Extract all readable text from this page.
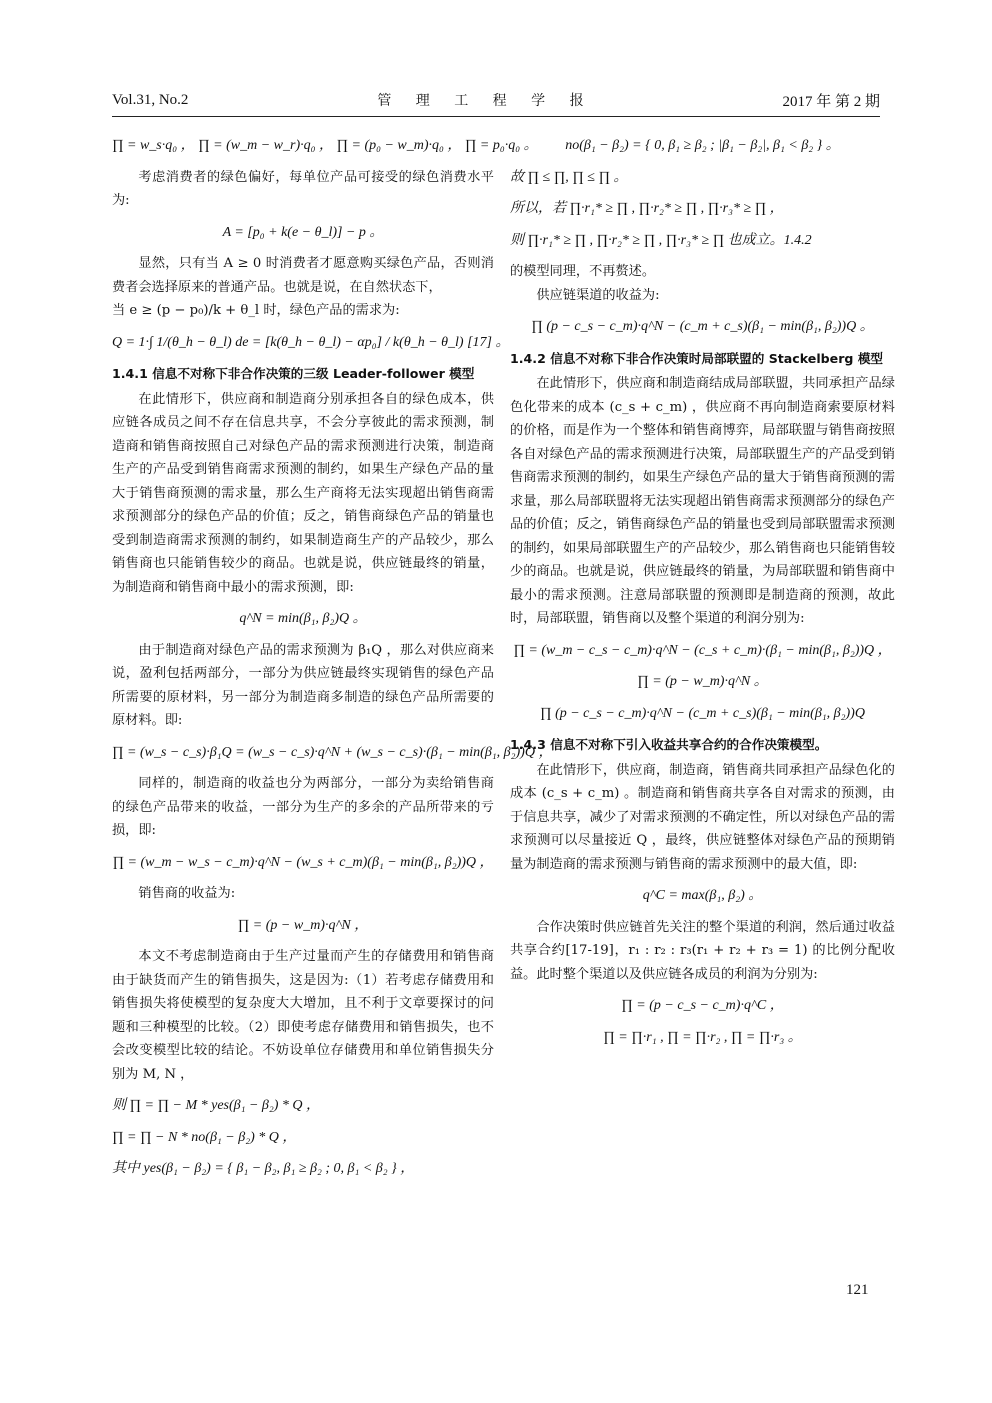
Vol.31, No.2	管 理 工 程 学 报	2017 年 第 2 期
∏ = w_s·q₀ ， ∏ = (w_m − w_r)·q₀ ， ∏ = (p₀ − w_m)·q₀ ， ∏ = p₀·q₀ 。

考虑消费者的绿色偏好，每单位产品可接受的绿色消费水平为:

A = [p₀ + k(e − θ_l)] − p 。

显然，只有当 A ≥ 0 时消费者才愿意购买绿色产品，否则消费者会选择原来的普通产品。也就是说，在自然状态下，

当 e ≥ (p − p₀)/k + θ_l 时，绿色产品的需求为:

Q = 1·∫ 1/(θ_h − θ_l) de = [k(θ_h − θ_l) − αp₀] / k(θ_h − θ_l) [17] 。
1.4.1 信息不对称下非合作决策的三级 Leader-follower 模型

在此情形下，供应商和制造商分别承担各自的绿色成本，供应链各成员之间不存在信息共享，不会分享彼此的需求预测，制造商和销售商按照自己对绿色产品的需求预测进行决策，制造商生产的产品受到销售商需求预测的制约，如果生产绿色产品的量大于销售商预测的需求量，那么生产商将无法实现超出销售商需求预测部分的绿色产品的价值；反之，销售商绿色产品的销量也受到制造商需求预测的制约，如果制造商生产的产品较少，那么销售商也只能销售较少的商品。也就是说，供应链最终的销量，为制造商和销售商中最小的需求预测，即:

q^N = min(β₁, β₂)Q 。

由于制造商对绿色产品的需求预测为 β₁Q ，那么对供应商来说，盈利包括两部分，一部分为供应链最终实现销售的绿色产品所需要的原材料，另一部分为制造商多制造的绿色产品所需要的原材料。即:

∏ = (w_s − c_s)·β₁Q = (w_s − c_s)·q^N + (w_s − c_s)·(β₁ − min(β₁, β₂))Q ，

同样的，制造商的收益也分为两部分，一部分为卖给销售商的绿色产品带来的收益，一部分为生产的多余的产品所带来的亏损，即:

∏ = (w_m − w_s − c_m)·q^N − (w_s + c_m)(β₁ − min(β₁, β₂))Q ，

销售商的收益为:

∏ = (p − w_m)·q^N ，

本文不考虑制造商由于生产过量而产生的存储费用和销售商由于缺货而产生的销售损失，这是因为:（1）若考虑存储费用和销售损失将使模型的复杂度大大增加，且不利于文章要探讨的问题和三种模型的比较。（2）即使考虑存储费用和销售损失，也不会改变模型比较的结论。不妨设单位存储费用和单位销售损失分别为 M, N ，

则 ∏ = ∏ − M * yes(β₁ − β₂) * Q ，
∏ = ∏ − N * no(β₁ − β₂) * Q ，
其中 yes(β₁ − β₂) = { β₁ − β₂, β₁ ≥ β₂ ; 0, β₁ < β₂ } ，
no(β₁ − β₂) = { 0, β₁ ≥ β₂ ; |β₁ − β₂|, β₁ < β₂ } 。
故 ∏ ≤ ∏, ∏ ≤ ∏ 。
所以，若 ∏·r₁* ≥ ∏ , ∏·r₂* ≥ ∏ , ∏·r₃* ≥ ∏ ，
则 ∏·r₁* ≥ ∏ , ∏·r₂* ≥ ∏ , ∏·r₃* ≥ ∏ 也成立。1.4.2

的模型同理，不再赘述。

供应链渠道的收益为:

∏ (p − c_s − c_m)·q^N − (c_m + c_s)(β₁ − min(β₁, β₂))Q 。
1.4.2 信息不对称下非合作决策时局部联盟的 Stackelberg 模型

在此情形下，供应商和制造商结成局部联盟，共同承担产品绿色化带来的成本 (c_s + c_m) ，供应商不再向制造商索要原材料的价格，而是作为一个整体和销售商博弈，局部联盟与销售商按照各自对绿色产品的需求预测进行决策，局部联盟生产的产品受到销售商需求预测的制约，如果生产绿色产品的量大于销售商预测的需求量，那么局部联盟将无法实现超出销售商需求预测部分的绿色产品的价值；反之，销售商绿色产品的销量也受到局部联盟需求预测的制约，如果局部联盟生产的产品较少，那么销售商也只能销售较少的商品。也就是说，供应链最终的销量，为局部联盟和销售商中最小的需求预测。注意局部联盟的预测即是制造商的预测，故此时，局部联盟，销售商以及整个渠道的利润分别为:

∏ = (w_m − c_s − c_m)·q^N − (c_s + c_m)·(β₁ − min(β₁, β₂))Q ，
∏ = (p − w_m)·q^N 。
∏ (p − c_s − c_m)·q^N − (c_m + c_s)(β₁ − min(β₁, β₂))Q
1.4.3 信息不对称下引入收益共享合约的合作决策模型。

在此情形下，供应商，制造商，销售商共同承担产品绿色化的成本 (c_s + c_m) 。制造商和销售商共享各自对需求的预测，由于信息共享，减少了对需求预测的不确定性，所以对绿色产品的需求预测可以尽量接近 Q ，最终，供应链整体对绿色产品的预期销量为制造商的需求预测与销售商的需求预测中的最大值，即:

q^C = max(β₁, β₂) 。

合作决策时供应链首先关注的整个渠道的利润，然后通过收益共享合约[17-19]，r₁ : r₂ : r₃(r₁ + r₂ + r₃ = 1) 的比例分配收益。此时整个渠道以及供应链各成员的利润为分别为:

∏ = (p − c_s − c_m)·q^C ，
∏ = ∏·r₁ , ∏ = ∏·r₂ , ∏ = ∏·r₃ 。
121
